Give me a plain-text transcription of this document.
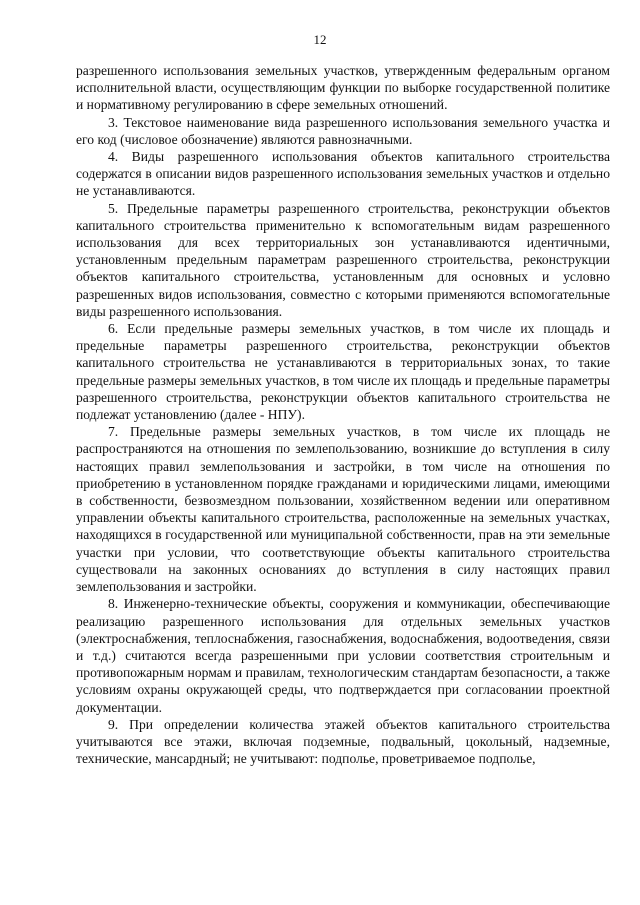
12

разрешенного использования земельных участков, утвержденным федеральным органом исполнительной власти, осуществляющим функции по выборке государственной политике и нормативному регулированию в сфере земельных отношений.

3. Текстовое наименование вида разрешенного использования земельного участка и его код (числовое обозначение) являются равнозначными.

4. Виды разрешенного использования объектов капитального строительства содержатся в описании видов разрешенного использования земельных участков и отдельно не устанавливаются.

5. Предельные параметры разрешенного строительства, реконструкции объектов капитального строительства применительно к вспомогательным видам разрешенного использования для всех территориальных зон устанавливаются идентичными, установленным предельным параметрам разрешенного строительства, реконструкции объектов капитального строительства, установленным для основных и условно разрешенных видов использования, совместно с которыми применяются вспомогательные виды разрешенного использования.

6. Если предельные размеры земельных участков, в том числе их площадь и предельные параметры разрешенного строительства, реконструкции объектов капитального строительства не устанавливаются в территориальных зонах, то такие предельные размеры земельных участков, в том числе их площадь и предельные параметры разрешенного строительства, реконструкции объектов капитального строительства не подлежат установлению (далее - НПУ).

7. Предельные размеры земельных участков, в том числе их площадь не распространяются на отношения по землепользованию, возникшие до вступления в силу настоящих правил землепользования и застройки, в том числе на отношения по приобретению в установленном порядке гражданами и юридическими лицами, имеющими в собственности, безвозмездном пользовании, хозяйственном ведении или оперативном управлении объекты капитального строительства, расположенные на земельных участках, находящихся в государственной или муниципальной собственности, прав на эти земельные участки при условии, что соответствующие объекты капитального строительства существовали на законных основаниях до вступления в силу настоящих правил землепользования и застройки.

8. Инженерно-технические объекты, сооружения и коммуникации, обеспечивающие реализацию разрешенного использования для отдельных земельных участков (электроснабжения, теплоснабжения, газоснабжения, водоснабжения, водоотведения, связи и т.д.) считаются всегда разрешенными при условии соответствия строительным и противопожарным нормам и правилам, технологическим стандартам безопасности, а также условиям охраны окружающей среды, что подтверждается при согласовании проектной документации.

9. При определении количества этажей объектов капитального строительства учитываются все этажи, включая подземные, подвальный, цокольный, надземные, технические, мансардный; не учитывают: подполье, проветриваемое подполье,
